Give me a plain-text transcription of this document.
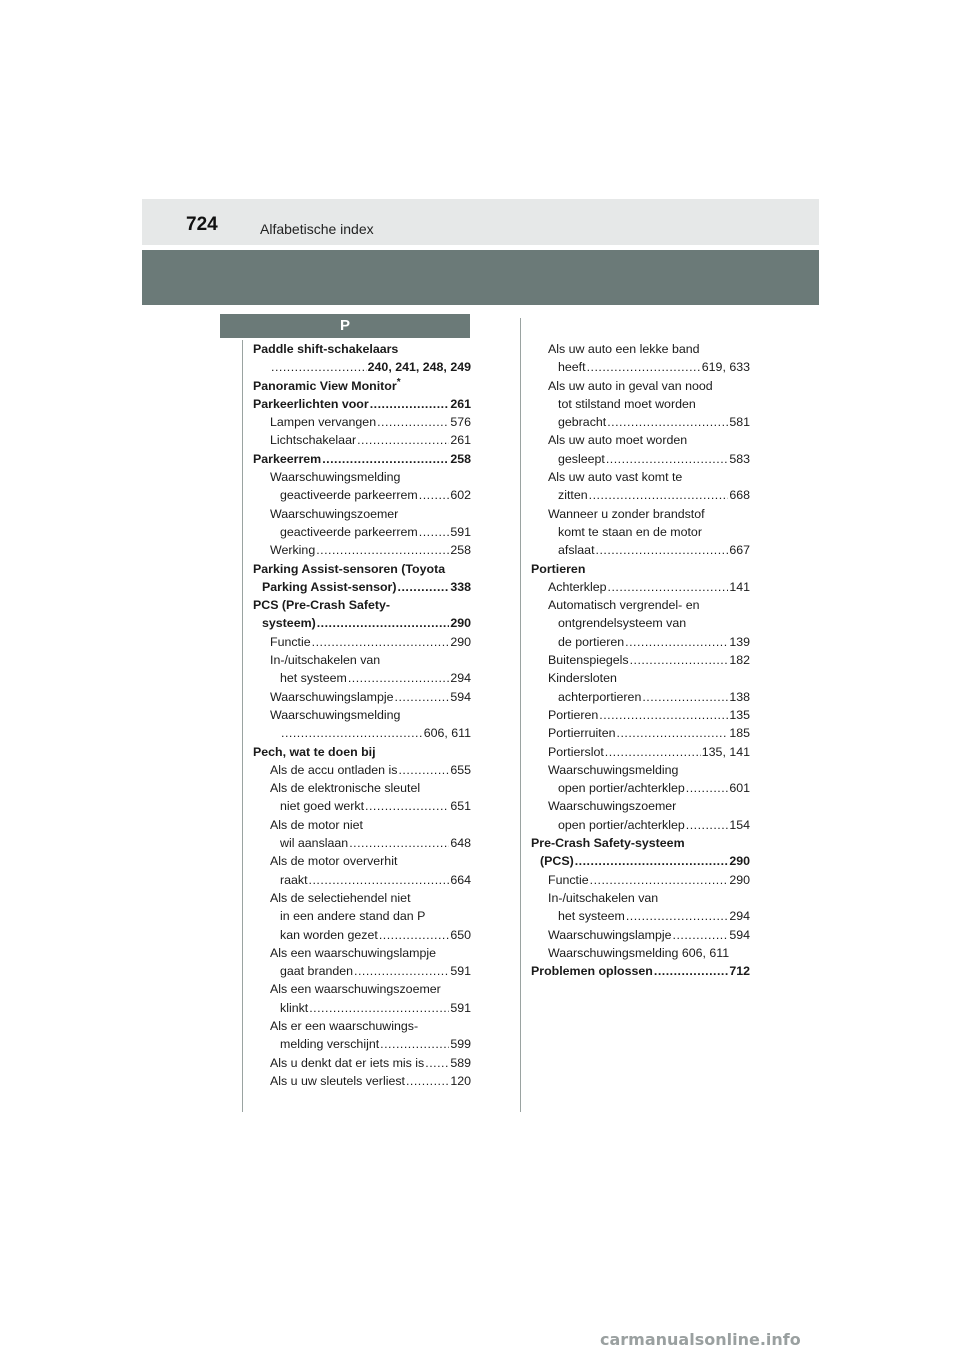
724	Alfabetische index
P
Paddle shift-schakelaars
.....
240, 241, 248, 249
Panoramic View Monitor*
Parkeerlichten voor .....	261
Lampen vervangen .....	576
Lichtschakelaar .....	261
Parkeerrem .....	258
Waarschuwingsmelding
geactiveerde parkeerrem .....	602
Waarschuwingszoemer
geactiveerde parkeerrem .....	591
Werking .....	258
Parking Assist-sensoren (Toyota
Parking Assist-sensor) .....	338
PCS (Pre-Crash Safety-
systeem) .....	290
Functie .....	290
In-/uitschakelen van
het systeem .....	294
Waarschuwingslampje .....	594
Waarschuwingsmelding
.....
606, 611
Pech, wat te doen bij
Als de accu ontladen is .....	655
Als de elektronische sleutel
niet goed werkt .....	651
Als de motor niet
wil aanslaan .....	648
Als de motor oververhit
raakt .....	664
Als de selectiehendel niet
in een andere stand dan P
kan worden gezet .....	650
Als een waarschuwingslampje
gaat branden .....	591
Als een waarschuwingszoemer
klinkt .....	591
Als er een waarschuwings-
melding verschijnt .....	599
Als u denkt dat er iets mis is ..... 589
Als u uw sleutels verliest .....	120
Als uw auto een lekke band
heeft .....	619, 633
Als uw auto in geval van nood
tot stilstand moet worden
gebracht .....	581
Als uw auto moet worden
gesleept .....	583
Als uw auto vast komt te
zitten .....	668
Wanneer u zonder brandstof
komt te staan en de motor
afslaat .....	667
Portieren
Achterklep .....	141
Automatisch vergrendel- en
ontgrendelsysteem van
de portieren .....	139
Buitenspiegels .....	182
Kindersloten
achterportieren .....	138
Portieren .....	135
Portierruiten .....	185
Portierslot .....	135, 141
Waarschuwingsmelding
open portier/achterklep .....	601
Waarschuwingszoemer
open portier/achterklep .....	154
Pre-Crash Safety-systeem
(PCS) .....	290
Functie .....	290
In-/uitschakelen van
het systeem .....	294
Waarschuwingslampje .....	594
Waarschuwingsmelding 606, 611
Problemen oplossen .....	712
carmanualsonline.info
